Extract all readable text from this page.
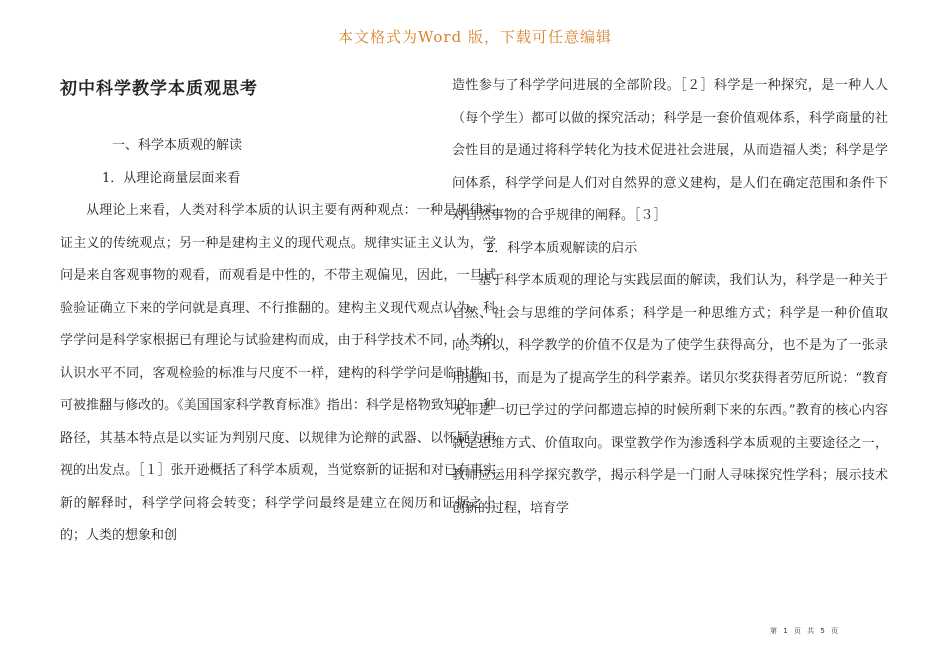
本文格式为Word 版，下载可任意编辑
初中科学教学本质观思考

一、科学本质观的解读

1．从理论商量层面来看

从理论上来看，人类对科学本质的认识主要有两种观点：一种是规律实证主义的传统观点；另一种是建构主义的现代观点。规律实证主义认为，学问是来自客观事物的观看，而观看是中性的，不带主观偏见，因此，一旦试验验证确立下来的学问就是真理、不行推翻的。建构主义现代观点认为，科学学问是科学家根据已有理论与试验建构而成，由于科学技术不同，人类的认识水平不同，客观检验的标准与尺度不一样，建构的科学学问是临时性，可被推翻与修改的。《美国国家科学教育标准》指出：科学是格物致知的一种路径，其基本特点是以实证为判别尺度、以规律为论辩的武器、以怀疑为审视的出发点。［１］张开逊概括了科学本质观，当觉察新的证据和对已有事实新的解释时，科学学问将会转变；科学学问最终是建立在阅历和证据之上的；人类的想象和创

造性参与了科学学问进展的全部阶段。［２］科学是一种探究，是一种人人（每个学生）都可以做的探究活动；科学是一套价值观体系，科学商量的社会性目的是通过将科学转化为技术促进社会进展，从而造福人类；科学是学问体系，科学学问是人们对自然界的意义建构，是人们在确定范围和条件下对自然事物的合乎规律的阐释。［３］

2．科学本质观解读的启示

基于科学本质观的理论与实践层面的解读，我们认为，科学是一种关于自然、社会与思维的学问体系；科学是一种思维方式；科学是一种价值取向。所以，科学教学的价值不仅是为了使学生获得高分，也不是为了一张录用通知书，而是为了提高学生的科学素养。诺贝尔奖获得者劳厄所说：“教育无非是一切已学过的学问都遗忘掉的时候所剩下来的东西。”教育的核心内容就是思维方式、价值取向。课堂教学作为渗透科学本质观的主要途径之一，教师应运用科学探究教学，揭示科学是一门耐人寻味探究性学科；展示技术创新的过程，培育学

第 1 页 共 5 页
